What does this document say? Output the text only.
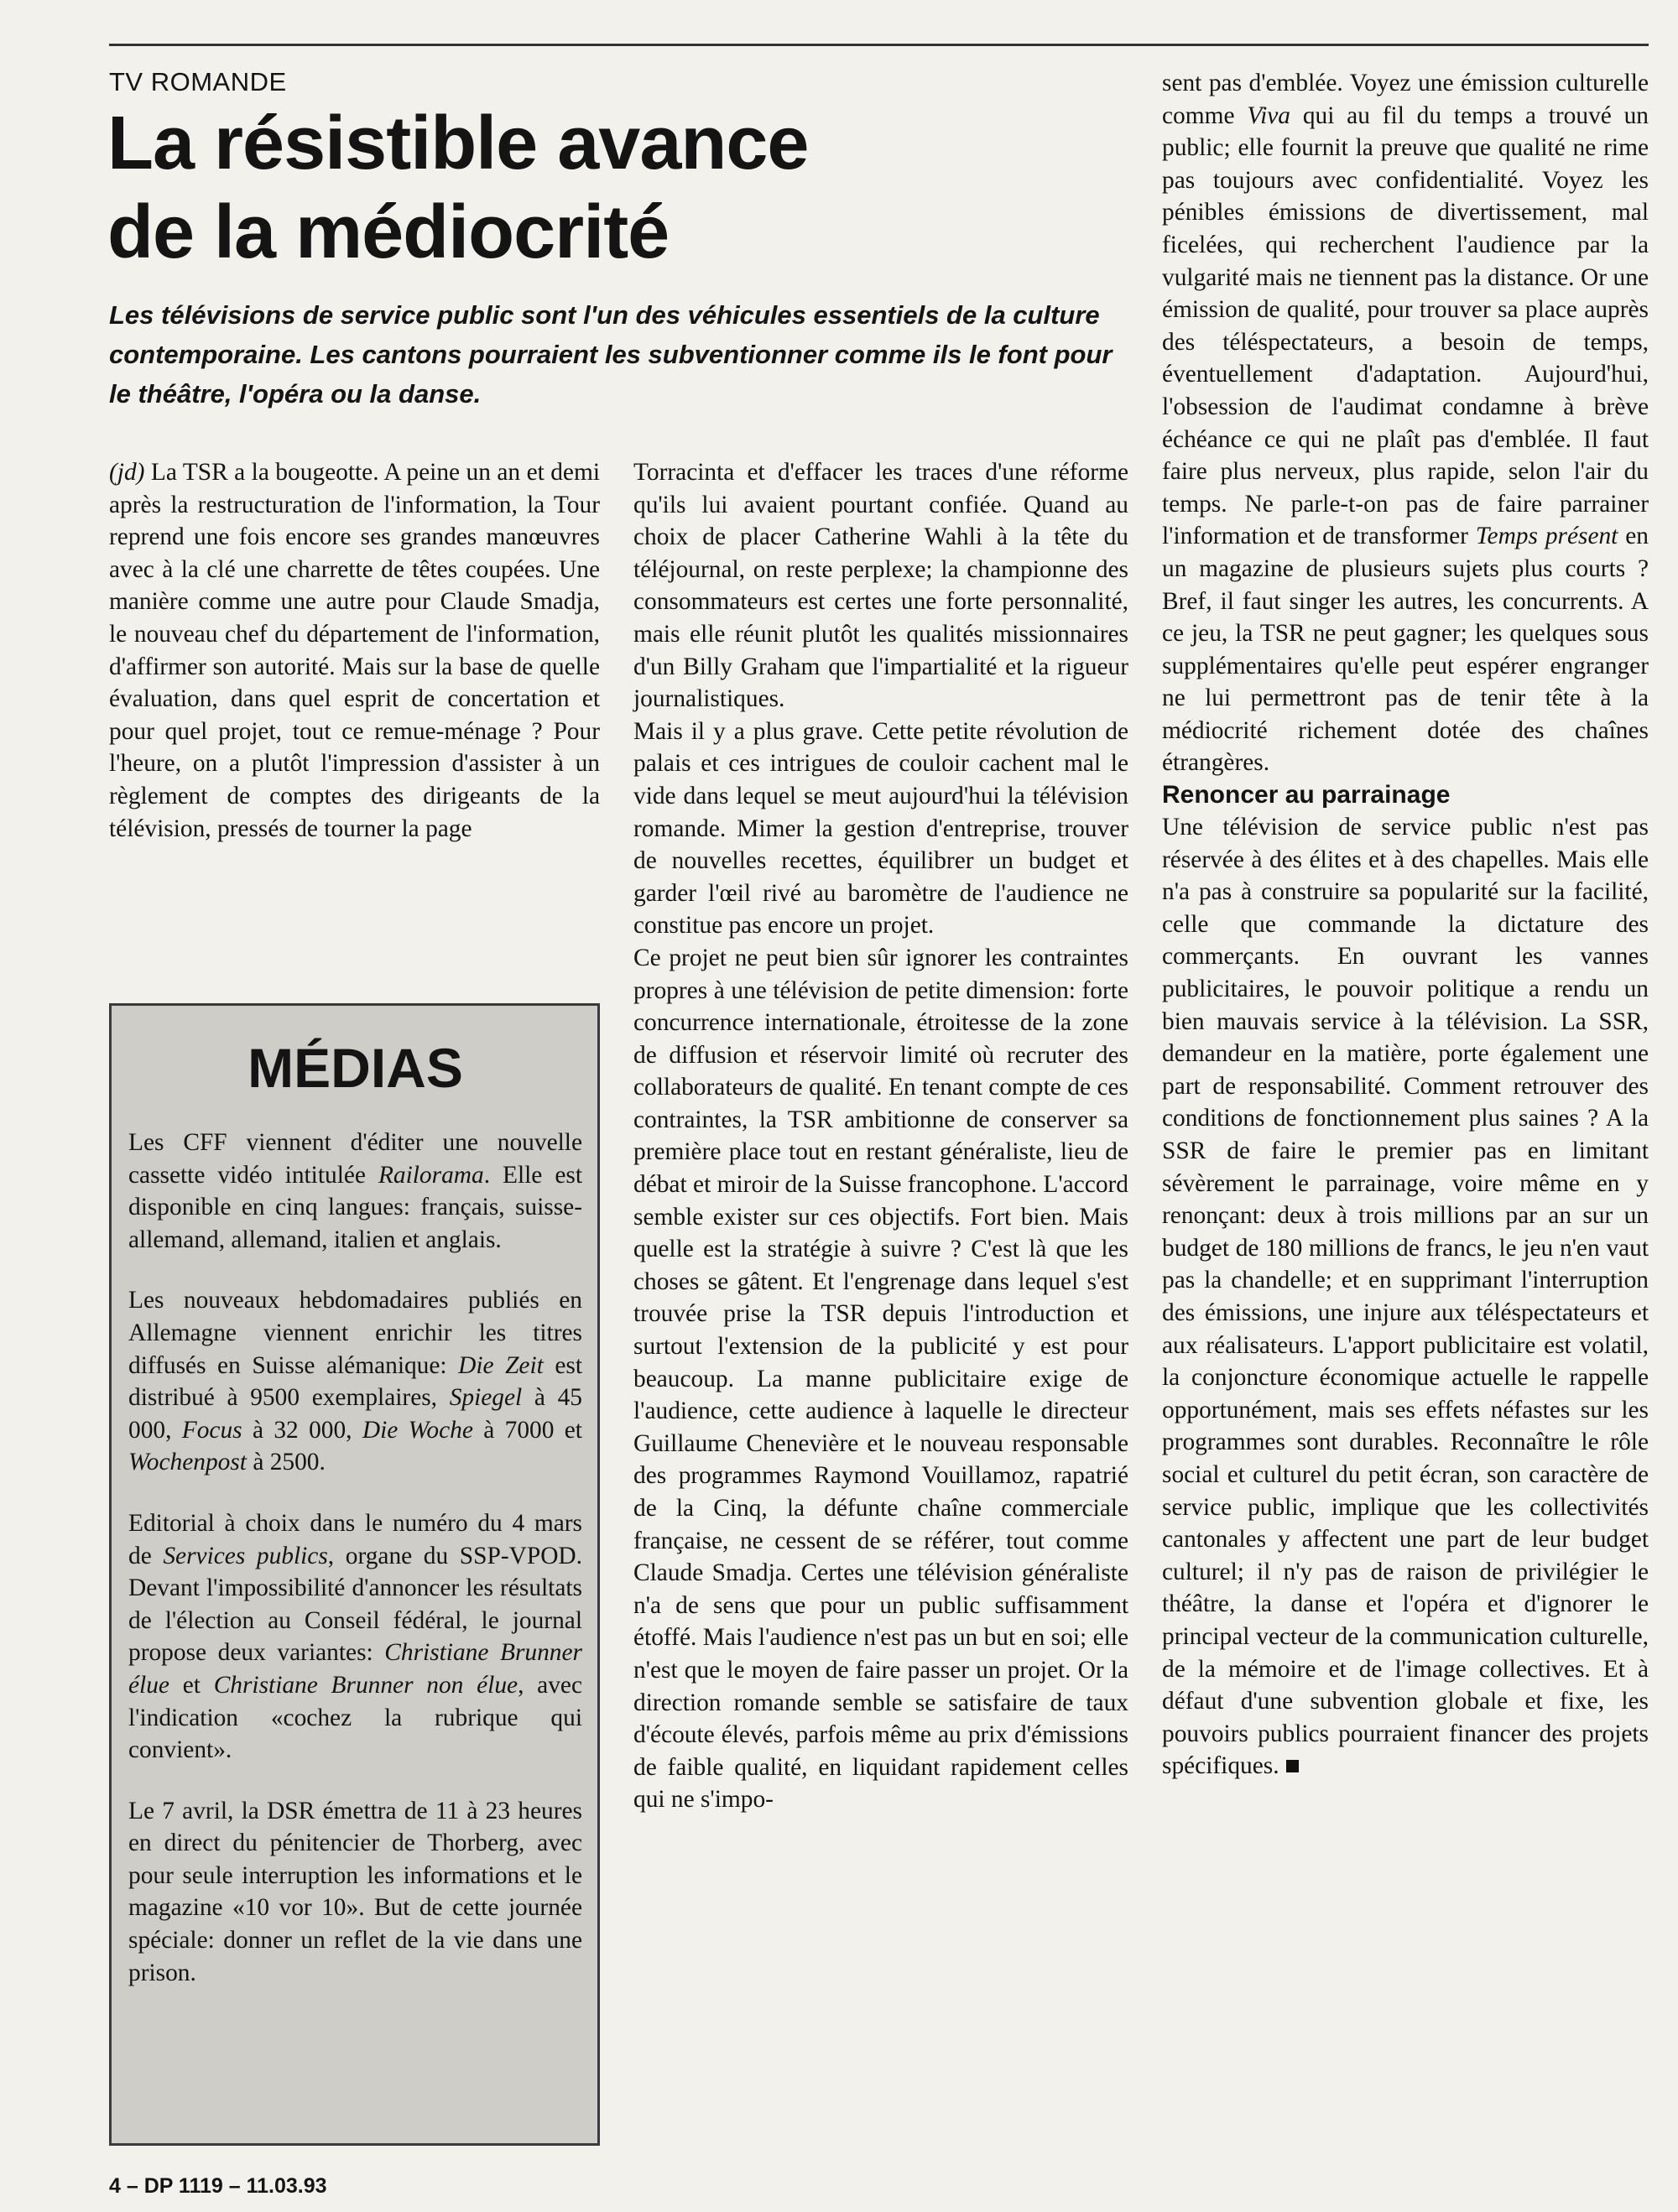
TV ROMANDE
La résistible avance
de la médiocrité

Les télévisions de service public sont l'un des véhicules essentiels de la culture contemporaine. Les cantons pourraient les subventionner comme ils le font pour le théâtre, l'opéra ou la danse.

(jd) La TSR a la bougeotte. A peine un an et demi après la restructuration de l'information, la Tour reprend une fois encore ses grandes manœuvres avec à la clé une charrette de têtes coupées. Une manière comme une autre pour Claude Smadja, le nouveau chef du département de l'information, d'affirmer son autorité. Mais sur la base de quelle évaluation, dans quel esprit de concertation et pour quel projet, tout ce remue-ménage ? Pour l'heure, on a plutôt l'impression d'assister à un règlement de comptes des dirigeants de la télévision, pressés de tourner la page

MÉDIAS

Les CFF viennent d'éditer une nouvelle cassette vidéo intitulée Railorama. Elle est disponible en cinq langues: français, suisse-allemand, allemand, italien et anglais.

Les nouveaux hebdomadaires publiés en Allemagne viennent enrichir les titres diffusés en Suisse alémanique: Die Zeit est distribué à 9500 exemplaires, Spiegel à 45 000, Focus à 32 000, Die Woche à 7000 et Wochenpost à 2500.

Editorial à choix dans le numéro du 4 mars de Services publics, organe du SSP-VPOD. Devant l'impossibilité d'annoncer les résultats de l'élection au Conseil fédéral, le journal propose deux variantes: Christiane Brunner élue et Christiane Brunner non élue, avec l'indication «cochez la rubrique qui convient».

Le 7 avril, la DSR émettra de 11 à 23 heures en direct du pénitencier de Thorberg, avec pour seule interruption les informations et le magazine «10 vor 10». But de cette journée spéciale: donner un reflet de la vie dans une prison.

Torracinta et d'effacer les traces d'une réforme qu'ils lui avaient pourtant confiée. Quand au choix de placer Catherine Wahli à la tête du téléjournal, on reste perplexe; la championne des consommateurs est certes une forte personnalité, mais elle réunit plutôt les qualités missionnaires d'un Billy Graham que l'impartialité et la rigueur journalistiques.

Mais il y a plus grave. Cette petite révolution de palais et ces intrigues de couloir cachent mal le vide dans lequel se meut aujourd'hui la télévision romande. Mimer la gestion d'entreprise, trouver de nouvelles recettes, équilibrer un budget et garder l'œil rivé au baromètre de l'audience ne constitue pas encore un projet.

Ce projet ne peut bien sûr ignorer les contraintes propres à une télévision de petite dimension: forte concurrence internationale, étroitesse de la zone de diffusion et réservoir limité où recruter des collaborateurs de qualité. En tenant compte de ces contraintes, la TSR ambitionne de conserver sa première place tout en restant généraliste, lieu de débat et miroir de la Suisse francophone. L'accord semble exister sur ces objectifs. Fort bien. Mais quelle est la stratégie à suivre ? C'est là que les choses se gâtent. Et l'engrenage dans lequel s'est trouvée prise la TSR depuis l'introduction et surtout l'extension de la publicité y est pour beaucoup. La manne publicitaire exige de l'audience, cette audience à laquelle le directeur Guillaume Chenevière et le nouveau responsable des programmes Raymond Vouillamoz, rapatrié de la Cinq, la défunte chaîne commerciale française, ne cessent de se référer, tout comme Claude Smadja. Certes une télévision généraliste n'a de sens que pour un public suffisamment étoffé. Mais l'audience n'est pas un but en soi; elle n'est que le moyen de faire passer un projet. Or la direction romande semble se satisfaire de taux d'écoute élevés, parfois même au prix d'émissions de faible qualité, en liquidant rapidement celles qui ne s'impo-

sent pas d'emblée. Voyez une émission culturelle comme Viva qui au fil du temps a trouvé un public; elle fournit la preuve que qualité ne rime pas toujours avec confidentialité. Voyez les pénibles émissions de divertissement, mal ficelées, qui recherchent l'audience par la vulgarité mais ne tiennent pas la distance. Or une émission de qualité, pour trouver sa place auprès des téléspectateurs, a besoin de temps, éventuellement d'adaptation. Aujourd'hui, l'obsession de l'audimat condamne à brève échéance ce qui ne plaît pas d'emblée. Il faut faire plus nerveux, plus rapide, selon l'air du temps. Ne parle-t-on pas de faire parrainer l'information et de transformer Temps présent en un magazine de plusieurs sujets plus courts ? Bref, il faut singer les autres, les concurrents. A ce jeu, la TSR ne peut gagner; les quelques sous supplémentaires qu'elle peut espérer engranger ne lui permettront pas de tenir tête à la médiocrité richement dotée des chaînes étrangères.

Renoncer au parrainage

Une télévision de service public n'est pas réservée à des élites et à des chapelles. Mais elle n'a pas à construire sa popularité sur la facilité, celle que commande la dictature des commerçants. En ouvrant les vannes publicitaires, le pouvoir politique a rendu un bien mauvais service à la télévision. La SSR, demandeur en la matière, porte également une part de responsabilité. Comment retrouver des conditions de fonctionnement plus saines ? A la SSR de faire le premier pas en limitant sévèrement le parrainage, voire même en y renonçant: deux à trois millions par an sur un budget de 180 millions de francs, le jeu n'en vaut pas la chandelle; et en supprimant l'interruption des émissions, une injure aux téléspectateurs et aux réalisateurs. L'apport publicitaire est volatil, la conjoncture économique actuelle le rappelle opportunément, mais ses effets néfastes sur les programmes sont durables. Reconnaître le rôle social et culturel du petit écran, son caractère de service public, implique que les collectivités cantonales y affectent une part de leur budget culturel; il n'y pas de raison de privilégier le théâtre, la danse et l'opéra et d'ignorer le principal vecteur de la communication culturelle, de la mémoire et de l'image collectives. Et à défaut d'une subvention globale et fixe, les pouvoirs publics pourraient financer des projets spécifiques.

4 – DP 1119 – 11.03.93
